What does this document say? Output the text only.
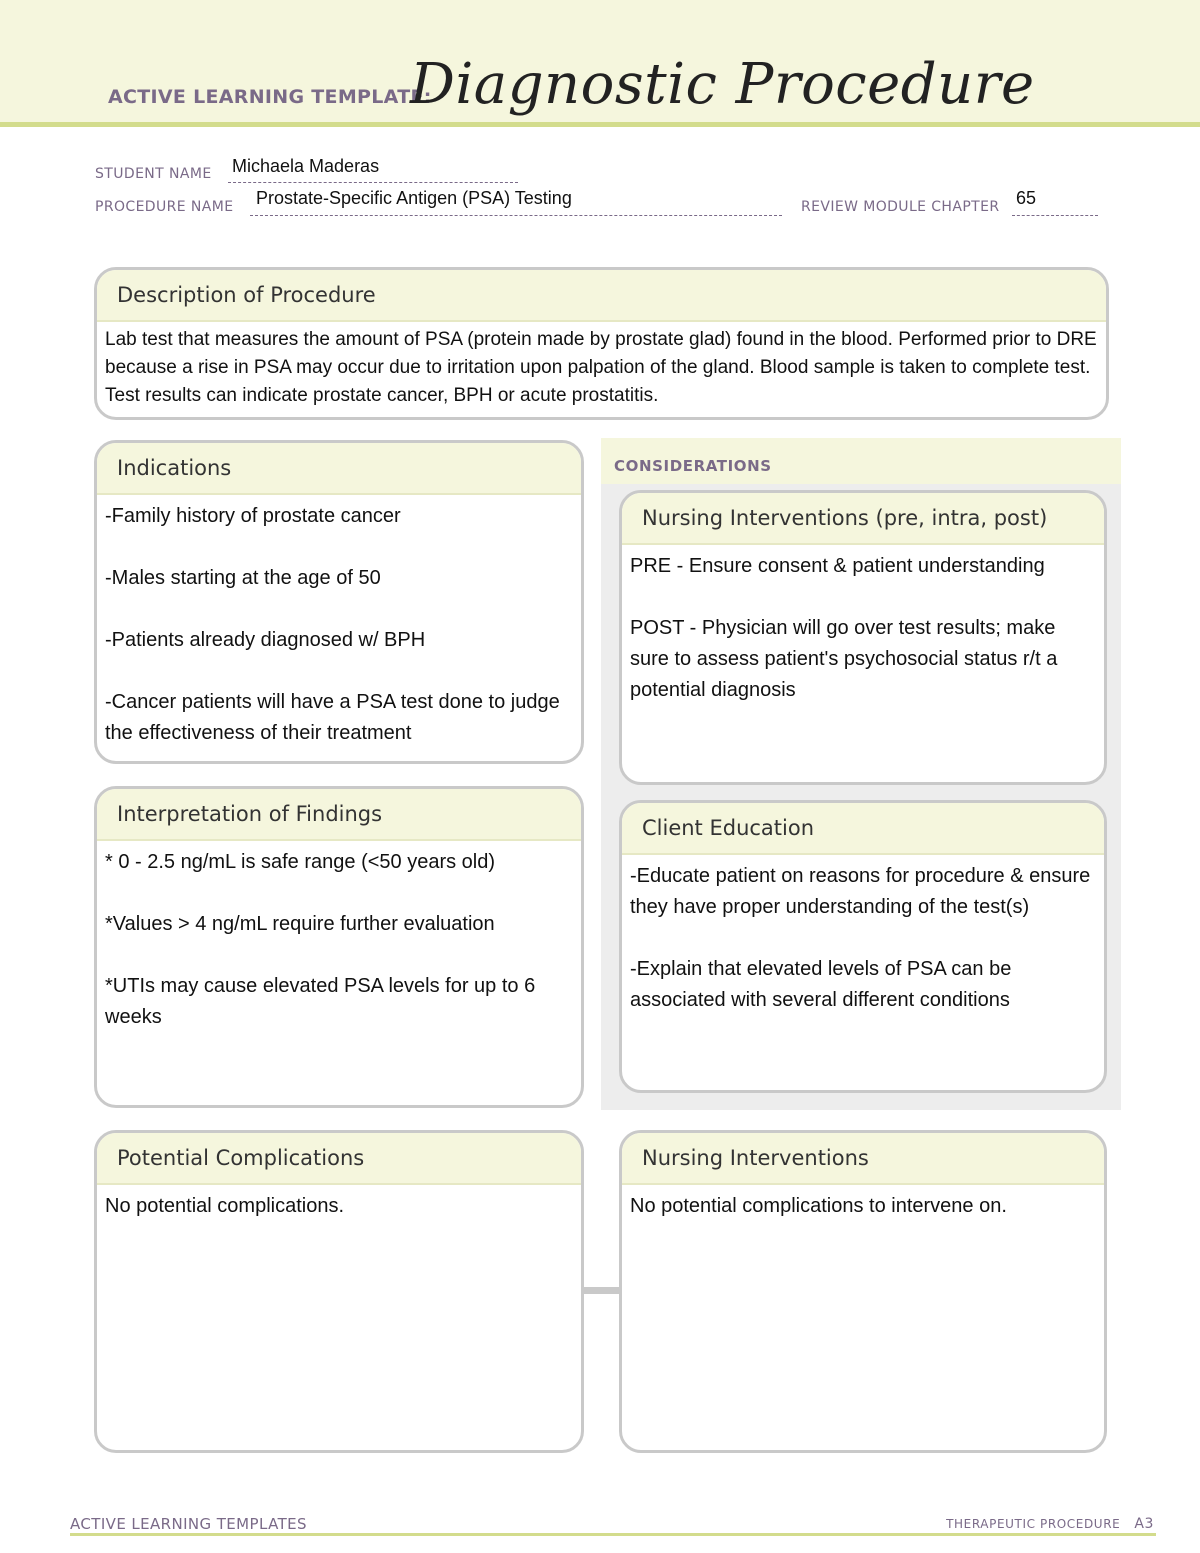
ACTIVE LEARNING TEMPLATE:
Diagnostic Procedure
STUDENT NAME Michaela Maderas
PROCEDURE NAME Prostate-Specific Antigen (PSA) Testing	REVIEW MODULE CHAPTER 65
Description of Procedure
Lab test that measures the amount of PSA (protein made by prostate glad) found in the blood. Performed prior to DRE because a rise in PSA may occur due to irritation upon palpation of the gland. Blood sample is taken to complete test. Test results can indicate prostate cancer, BPH or acute prostatitis.
Indications

-Family history of prostate cancer

-Males starting at the age of 50

-Patients already diagnosed w/ BPH

-Cancer patients will have a PSA test done to judge the effectiveness of their treatment

Interpretation of Findings

* 0 - 2.5 ng/mL is safe range (<50 years old)

*Values > 4 ng/mL require further evaluation

*UTIs may cause elevated PSA levels for up to 6 weeks

CONSIDERATIONS
Nursing Interventions (pre, intra, post)

PRE - Ensure consent & patient understanding

POST - Physician will go over test results; make sure to assess patient's psychosocial status r/t a potential diagnosis

Client Education

-Educate patient on reasons for procedure & ensure they have proper understanding of the test(s)

-Explain that elevated levels of PSA can be associated with several different conditions

Potential Complications
No potential complications.
Nursing Interventions
No potential complications to intervene on.
ACTIVE LEARNING TEMPLATES	THERAPEUTIC PROCEDURE A3
